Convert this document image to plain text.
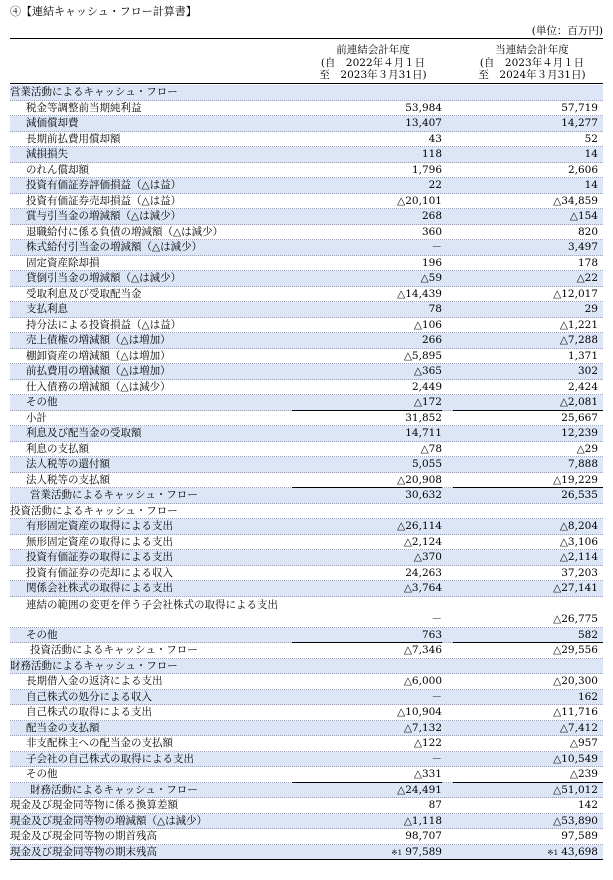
④【連結キャッシュ・フロー計算書】
(単位：百万円)
前連結会計年度
(自　2022年４月１日
至　2023年３月31日)
当連結会計年度
(自　2023年４月１日
至　2024年３月31日)
営業活動によるキャッシュ・フロー
税金等調整前当期純利益	53,984	57,719
減価償却費	13,407	14,277
長期前払費用償却額	43	52
減損損失	118	14
のれん償却額	1,796	2,606
投資有価証券評価損益（△は益）	22	14
投資有価証券売却損益（△は益）	△20,101	△34,859
賞与引当金の増減額（△は減少）	268	△154
退職給付に係る負債の増減額（△は減少）	360	820
株式給付引当金の増減額（△は減少）	－	3,497
固定資産除却損	196	178
貸倒引当金の増減額（△は減少）	△59	△22
受取利息及び受取配当金	△14,439	△12,017
支払利息	78	29
持分法による投資損益（△は益）	△106	△1,221
売上債権の増減額（△は増加）	266	△7,288
棚卸資産の増減額（△は増加）	△5,895	1,371
前払費用の増減額（△は増加）	△365	302
仕入債務の増減額（△は減少）	2,449	2,424
その他	△172	△2,081
小計	31,852	25,667
利息及び配当金の受取額	14,711	12,239
利息の支払額	△78	△29
法人税等の還付額	5,055	7,888
法人税等の支払額	△20,908	△19,229
営業活動によるキャッシュ・フロー	30,632	26,535
投資活動によるキャッシュ・フロー
有形固定資産の取得による支出	△26,114	△8,204
無形固定資産の取得による支出	△2,124	△3,106
投資有価証券の取得による支出	△370	△2,114
投資有価証券の売却による収入	24,263	37,203
関係会社株式の取得による支出	△3,764	△27,141
連結の範囲の変更を伴う子会社株式の取得による支出
－	△26,775
その他	763	582
投資活動によるキャッシュ・フロー	△7,346	△29,556
財務活動によるキャッシュ・フロー
長期借入金の返済による支出	△6,000	△20,300
自己株式の処分による収入	－	162
自己株式の取得による支出	△10,904	△11,716
配当金の支払額	△7,132	△7,412
非支配株主への配当金の支払額	△122	△957
子会社の自己株式の取得による支出	－	△10,549
その他	△331	△239
財務活動によるキャッシュ・フロー	△24,491	△51,012
現金及び現金同等物に係る換算差額	87	142
現金及び現金同等物の増減額（△は減少）	△1,118	△53,890
現金及び現金同等物の期首残高	98,707	97,589
現金及び現金同等物の期末残高	※1 97,589	※1 43,698
